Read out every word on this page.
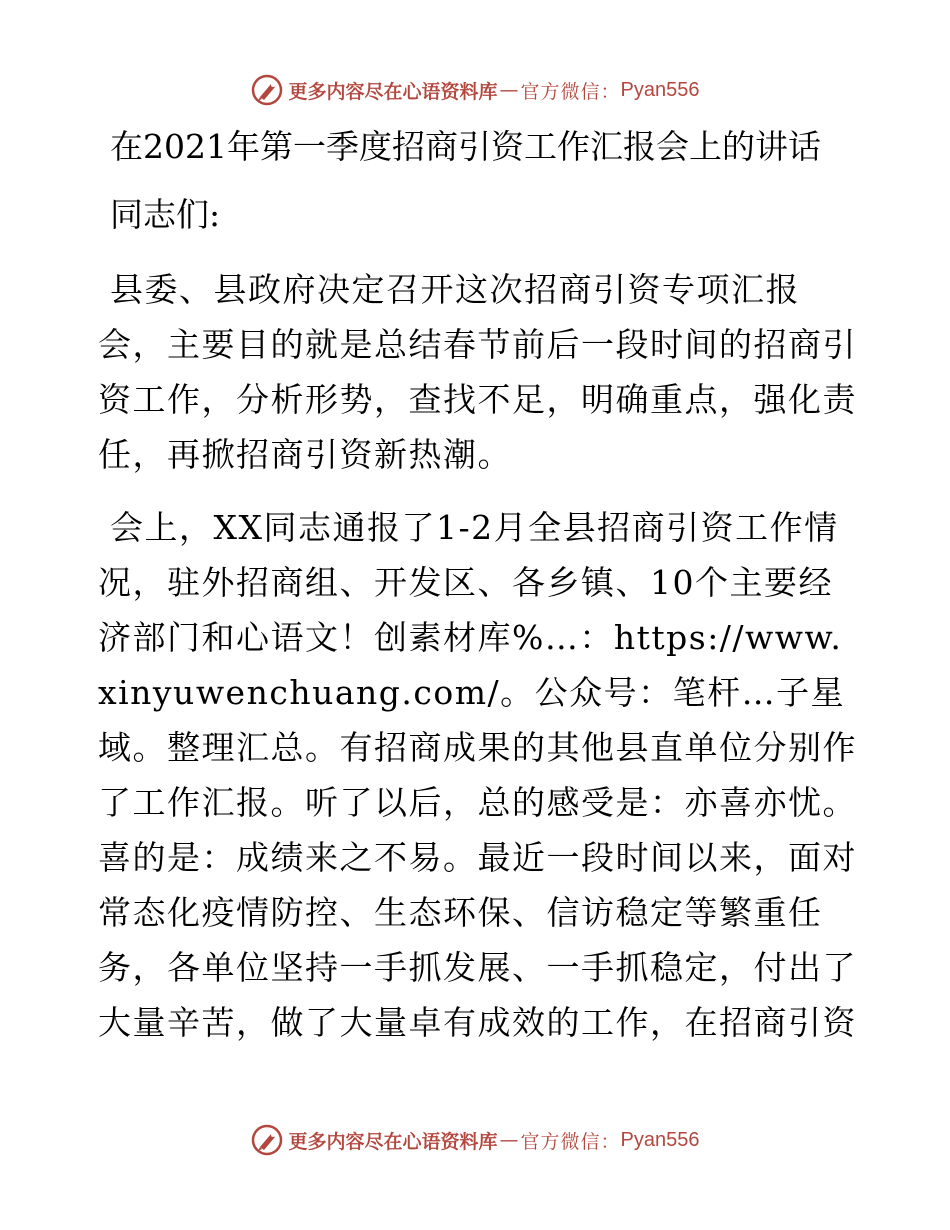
更多内容尽在心语资料库 — 官方微信： Pyan556
在2021年第一季度招商引资工作汇报会上的讲话
同志们:

县委、县政府决定召开这次招商引资专项汇报会，主要目的就是总结春节前后一段时间的招商引资工作，分析形势，查找不足，明确重点，强化责任，再掀招商引资新热潮。

会上，XX同志通报了1-2月全县招商引资工作情况，驻外招商组、开发区、各乡镇、10个主要经济部门和心语文！创素材库%…：https://www.xinyuwenchuang.com/。公众号：笔杆…子星域。整理汇总。有招商成果的其他县直单位分别作了工作汇报。听了以后，总的感受是：亦喜亦忧。喜的是：成绩来之不易。最近一段时间以来，面对常态化疫情防控、生态环保、信访稳定等繁重任务，各单位坚持一手抓发展、一手抓稳定，付出了大量辛苦，做了大量卓有成效的工作，在招商引资

更多内容尽在心语资料库 — 官方微信： Pyan556
